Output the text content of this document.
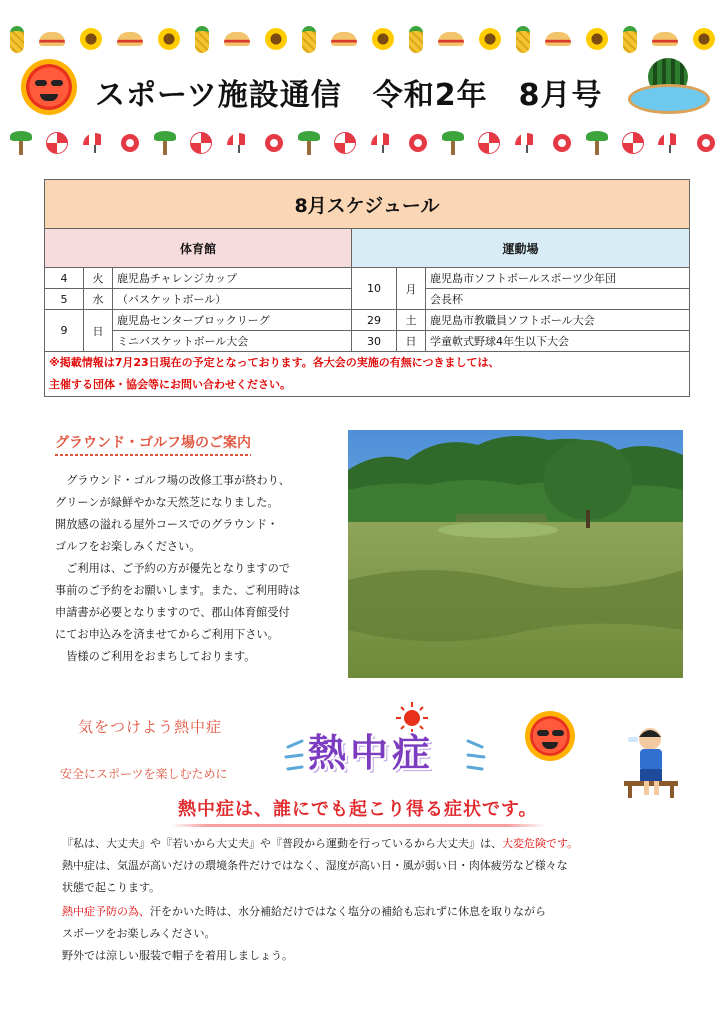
スポーツ施設通信　令和2年　8月号
8月スケジュール					
体育館			運動場		
4	火	鹿児島チャレンジカップ	10	月	鹿児島市ソフトボールスポーツ少年団
5	水	（バスケットボール）			会長杯
9	日	鹿児島センターブロックリーグ	29	土	鹿児島市教職員ソフトボール大会
		ミニバスケットボール大会	30	日	学童軟式野球4年生以下大会

※掲載情報は7月23日現在の予定となっております。各大会の実施の有無につきましては、
主催する団体・協会等にお問い合わせください。					
グラウンド・ゴルフ場のご案内
　グラウンド・ゴルフ場の改修工事が終わり、
グリーンが緑鮮やかな天然芝になりました。
開放感の溢れる屋外コースでのグラウンド・
ゴルフをお楽しみください。
　ご利用は、ご予約の方が優先となりますので
事前のご予約をお願いします。また、ご利用時は
申請書が必要となりますので、郡山体育館受付
にてお申込みを済ませてからご利用下さい。
　皆様のご利用をおまちしております。
気をつけよう熱中症
安全にスポーツを楽しむために 熱中症
熱中症は、誰にでも起こり得る症状です。
『私は、大丈夫』や『若いから大丈夫』や『普段から運動を行っているから大丈夫』は、大変危険です。
熱中症は、気温が高いだけの環境条件だけではなく、湿度が高い日・風が弱い日・肉体疲労など様々な
状態で起こります。
熱中症予防の為、汗をかいた時は、水分補給だけではなく塩分の補給も忘れずに休息を取りながら
スポーツをお楽しみください。
野外では涼しい服装で帽子を着用しましょう。
